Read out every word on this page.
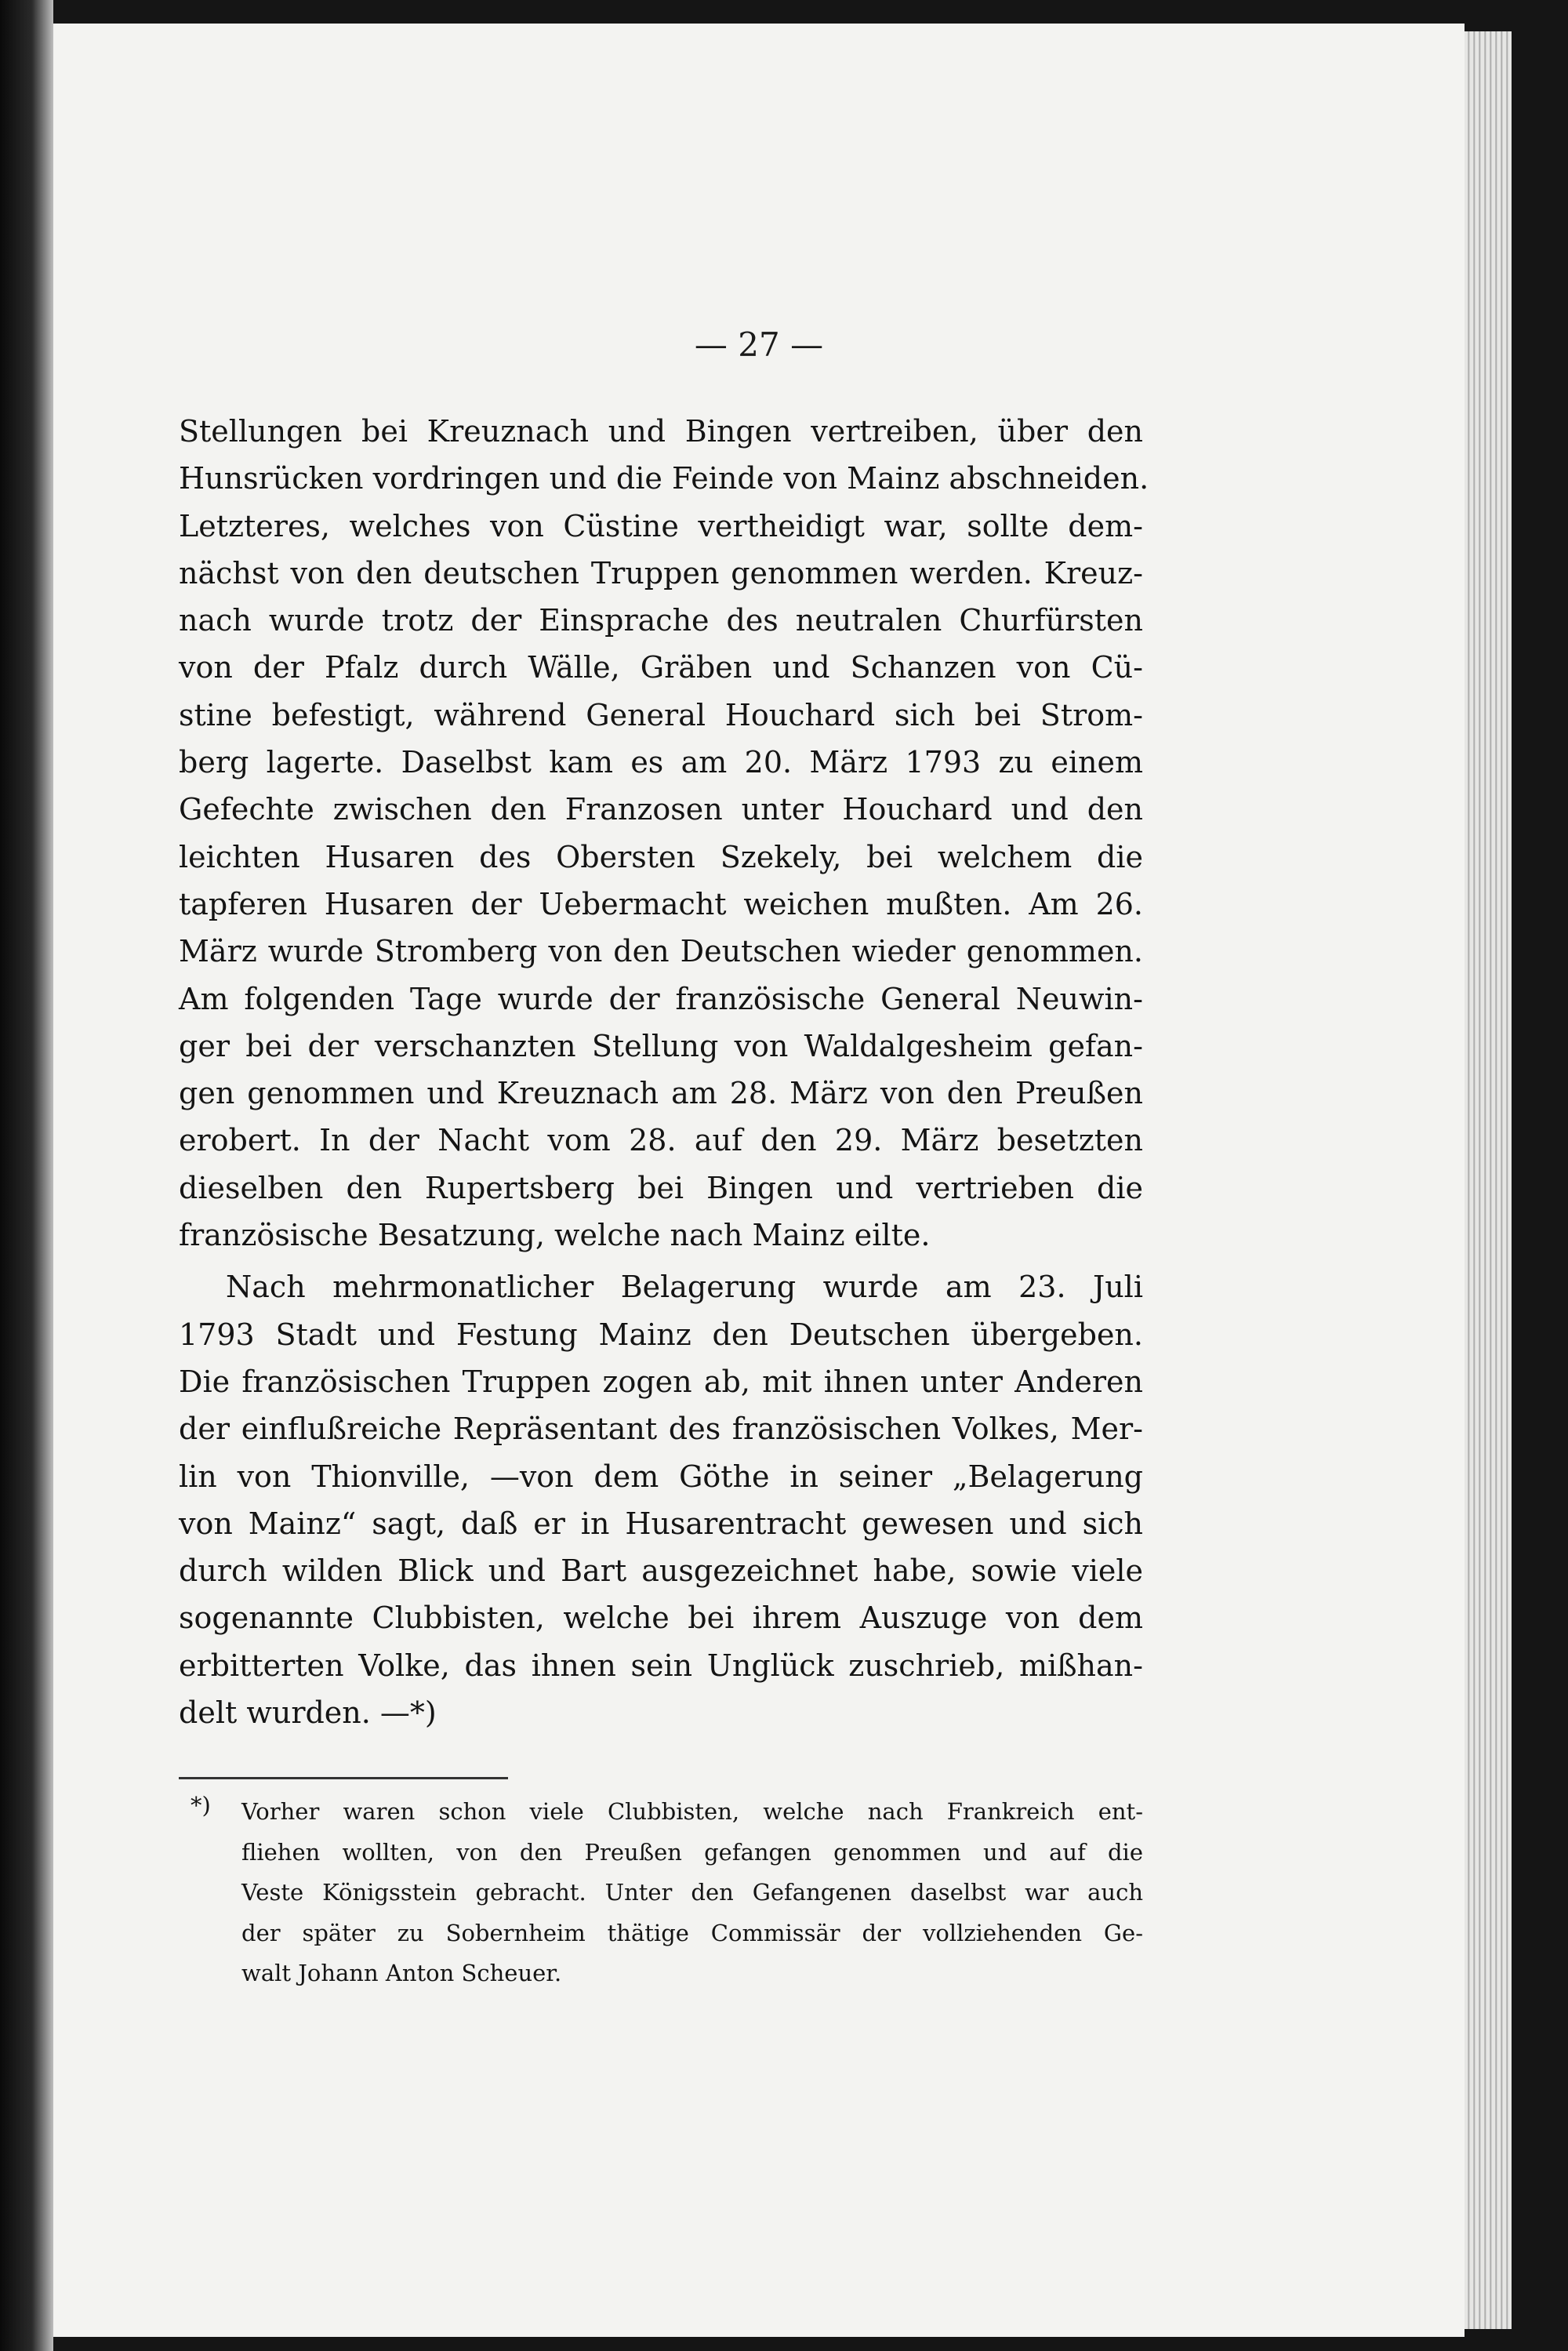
— 27 —
Stellungen bei Kreuznach und Bingen vertreiben, über den
Hunsrücken vordringen und die Feinde von Mainz abschneiden.
Letzteres, welches von Cüstine vertheidigt war, sollte dem-
nächst von den deutschen Truppen genommen werden. Kreuz-
nach wurde trotz der Einsprache des neutralen Churfürsten
von der Pfalz durch Wälle, Gräben und Schanzen von Cü-
stine befestigt, während General Houchard sich bei Strom-
berg lagerte. Daselbst kam es am 20. März 1793 zu einem
Gefechte zwischen den Franzosen unter Houchard und den
leichten Husaren des Obersten Szekely, bei welchem die
tapferen Husaren der Uebermacht weichen mußten. Am 26.
März wurde Stromberg von den Deutschen wieder genommen.
Am folgenden Tage wurde der französische General Neuwin-
ger bei der verschanzten Stellung von Waldalgesheim gefan-
gen genommen und Kreuznach am 28. März von den Preußen
erobert. In der Nacht vom 28. auf den 29. März besetzten
dieselben den Rupertsberg bei Bingen und vertrieben die
französische Besatzung, welche nach Mainz eilte.
Nach mehrmonatlicher Belagerung wurde am 23. Juli
1793 Stadt und Festung Mainz den Deutschen übergeben.
Die französischen Truppen zogen ab, mit ihnen unter Anderen
der einflußreiche Repräsentant des französischen Volkes, Mer-
lin von Thionville, —von dem Göthe in seiner „Belagerung
von Mainz“ sagt, daß er in Husarentracht gewesen und sich
durch wilden Blick und Bart ausgezeichnet habe, sowie viele
sogenannte Clubbisten, welche bei ihrem Auszuge von dem
erbitterten Volke, das ihnen sein Unglück zuschrieb, mißhan-
delt wurden. —*)
*)	Vorher waren schon viele Clubbisten, welche nach Frankreich ent-
fliehen wollten, von den Preußen gefangen genommen und auf die
Veste Königsstein gebracht. Unter den Gefangenen daselbst war auch
der später zu Sobernheim thätige Commissär der vollziehenden Ge-
walt Johann Anton Scheuer.
